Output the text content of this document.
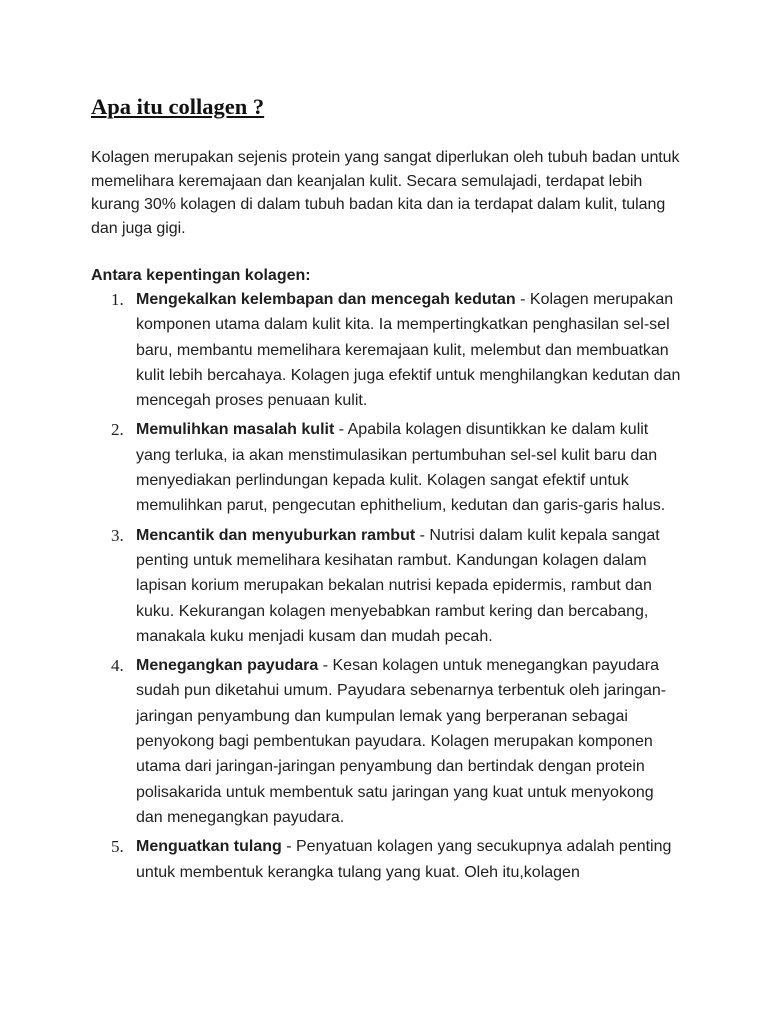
Apa itu collagen ?

Kolagen merupakan sejenis protein yang sangat diperlukan oleh tubuh badan untuk memelihara keremajaan dan keanjalan kulit. Secara semulajadi, terdapat lebih kurang 30% kolagen di dalam tubuh badan kita dan ia terdapat dalam kulit, tulang dan juga gigi.

Antara kepentingan kolagen:
1. Mengekalkan kelembapan dan mencegah kedutan - Kolagen merupakan komponen utama dalam kulit kita. Ia mempertingkatkan penghasilan sel-sel baru, membantu memelihara keremajaan kulit, melembut dan membuatkan kulit lebih bercahaya. Kolagen juga efektif untuk menghilangkan kedutan dan mencegah proses penuaan kulit.
2. Memulihkan masalah kulit - Apabila kolagen disuntikkan ke dalam kulit yang terluka, ia akan menstimulasikan pertumbuhan sel-sel kulit baru dan menyediakan perlindungan kepada kulit. Kolagen sangat efektif untuk memulihkan parut, pengecutan ephithelium, kedutan dan garis-garis halus.
3. Mencantik dan menyuburkan rambut - Nutrisi dalam kulit kepala sangat penting untuk memelihara kesihatan rambut. Kandungan kolagen dalam lapisan korium merupakan bekalan nutrisi kepada epidermis, rambut dan kuku. Kekurangan kolagen menyebabkan rambut kering dan bercabang, manakala kuku menjadi kusam dan mudah pecah.
4. Menegangkan payudara - Kesan kolagen untuk menegangkan payudara sudah pun diketahui umum. Payudara sebenarnya terbentuk oleh jaringan-jaringan penyambung dan kumpulan lemak yang berperanan sebagai penyokong bagi pembentukan payudara. Kolagen merupakan komponen utama dari jaringan-jaringan penyambung dan bertindak dengan protein polisakarida untuk membentuk satu jaringan yang kuat untuk menyokong dan menegangkan payudara.
5. Menguatkan tulang - Penyatuan kolagen yang secukupnya adalah penting untuk membentuk kerangka tulang yang kuat. Oleh itu,kolagen
